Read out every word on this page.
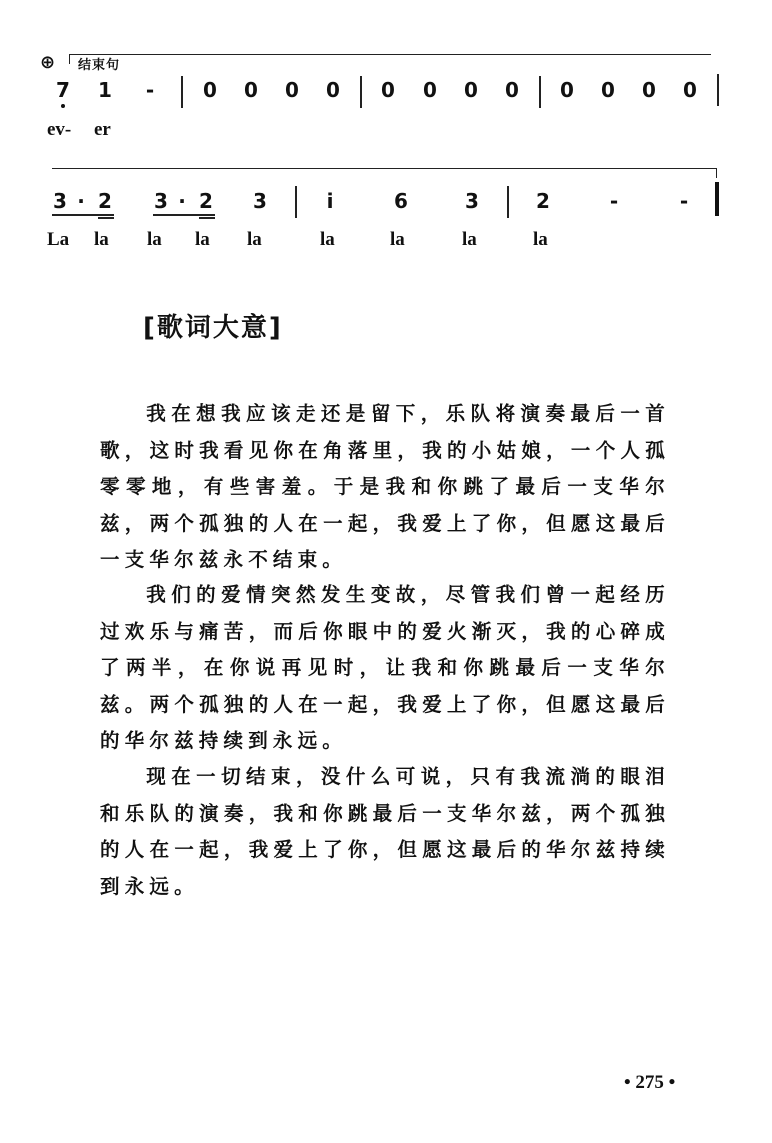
⊕ 结束句
7 1 - 0 0 0 0 0 0 0 0 0 0 0 0
ev- er
3 · 2 3 · 2 3	i	6	3	2	-	-
La la la la la	la	la	la	la
[歌词大意]
我在想我应该走还是留下，乐队将演奏最后一首歌，这时我看见你在角落里，我的小姑娘，一个人孤零零地，有些害羞。于是我和你跳了最后一支华尔兹，两个孤独的人在一起，我爱上了你，但愿这最后一支华尔兹永不结束。
我们的爱情突然发生变故，尽管我们曾一起经历过欢乐与痛苦，而后你眼中的爱火渐灭，我的心碎成了两半，在你说再见时，让我和你跳最后一支华尔兹。两个孤独的人在一起，我爱上了你，但愿这最后的华尔兹持续到永远。
现在一切结束，没什么可说，只有我流淌的眼泪和乐队的演奏，我和你跳最后一支华尔兹，两个孤独的人在一起，我爱上了你，但愿这最后的华尔兹持续到永远。
• 275 •
